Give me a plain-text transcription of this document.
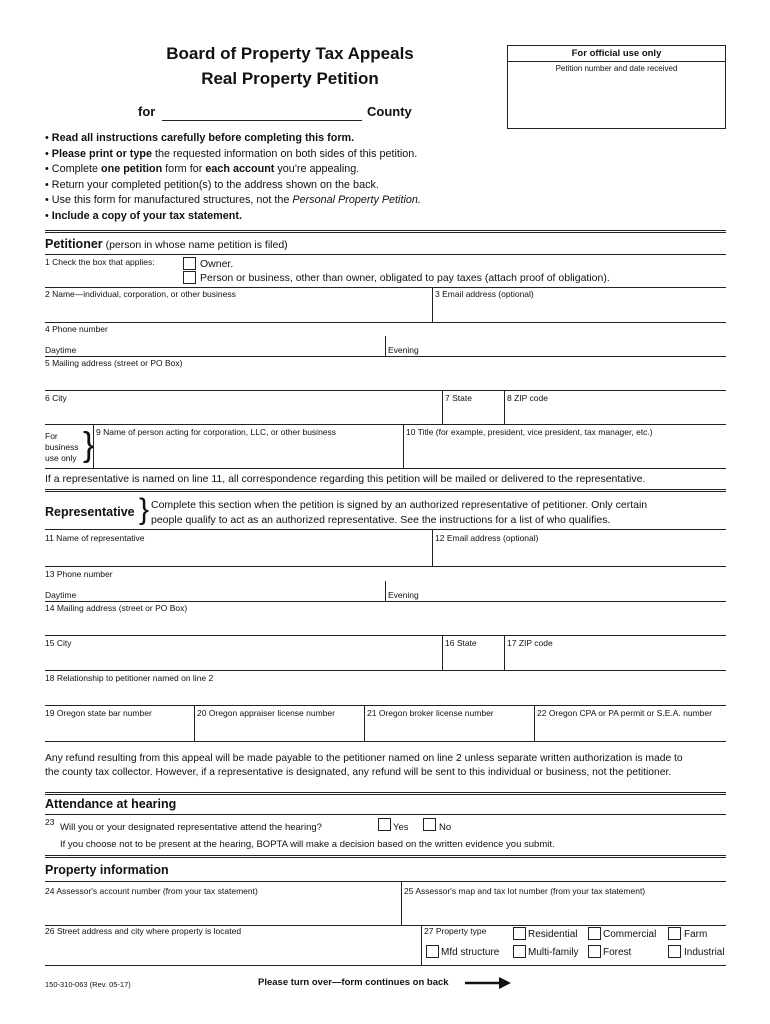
Board of Property Tax Appeals
Real Property Petition
for	County
For official use only
Petition number and date received
• Read all instructions carefully before completing this form.
• Please print or type the requested information on both sides of this petition.
• Complete one petition form for each account you're appealing.
• Return your completed petition(s) to the address shown on the back.
• Use this form for manufactured structures, not the Personal Property Petition.
• Include a copy of your tax statement.
Petitioner (person in whose name petition is filed)
1 Check the box that applies:	Owner.
Person or business, other than owner, obligated to pay taxes (attach proof of obligation).
2 Name—individual, corporation, or other business	3 Email address (optional)
4 Phone number
Daytime	Evening
5 Mailing address (street or PO Box)
6 City	7 State	8 ZIP code
For business use only } 9 Name of person acting for corporation, LLC, or other business	10 Title (for example, president, vice president, tax manager, etc.)
If a representative is named on line 11, all correspondence regarding this petition will be mailed or delivered to the representative.
Representative } Complete this section when the petition is signed by an authorized representative of petitioner. Only certain
people qualify to act as an authorized representative. See the instructions for a list of who qualifies.
11 Name of representative	12 Email address (optional)
13 Phone number
Daytime	Evening
14 Mailing address (street or PO Box)
15 City	16 State	17 ZIP code
18 Relationship to petitioner named on line 2
19 Oregon state bar number	20 Oregon appraiser license number	21 Oregon broker license number	22 Oregon CPA or PA permit or S.E.A. number
Any refund resulting from this appeal will be made payable to the petitioner named on line 2 unless separate written authorization is made to
the county tax collector. However, if a representative is designated, any refund will be sent to this individual or business, not the petitioner.
Attendance at hearing
23 Will you or your designated representative attend the hearing?	Yes	No
If you choose not to be present at the hearing, BOPTA will make a decision based on the written evidence you submit.
Property information
24 Assessor's account number (from your tax statement)	25 Assessor's map and tax lot number (from your tax statement)
26 Street address and city where property is located	27 Property type	Residential	Commercial	Farm
Mfd structure	Multi-family Forest	Industrial
150-310-063 (Rev. 05-17)	Please turn over—form continues on back
